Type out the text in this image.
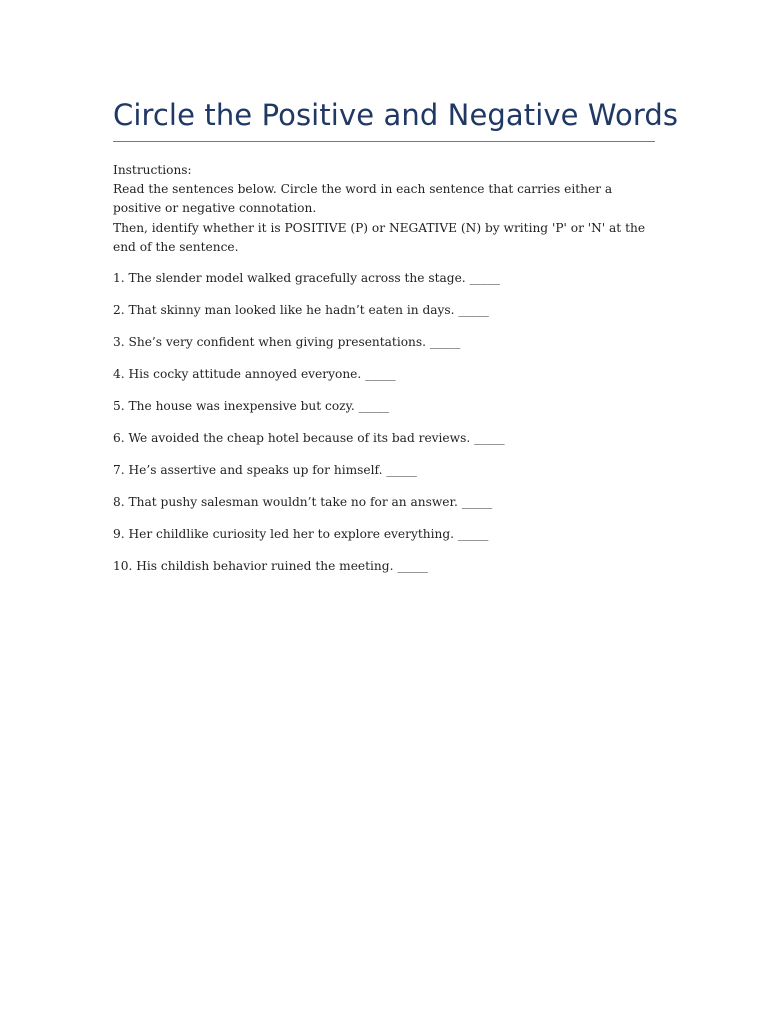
Circle the Positive and Negative Words

Instructions:

Read the sentences below. Circle the word in each sentence that carries either a positive or negative connotation.

Then, identify whether it is POSITIVE (P) or NEGATIVE (N) by writing 'P' or 'N' at the end of the sentence.

1. The slender model walked gracefully across the stage. _____

2. That skinny man looked like he hadn’t eaten in days. _____

3. She’s very confident when giving presentations. _____

4. His cocky attitude annoyed everyone. _____

5. The house was inexpensive but cozy. _____

6. We avoided the cheap hotel because of its bad reviews. _____

7. He’s assertive and speaks up for himself. _____

8. That pushy salesman wouldn’t take no for an answer. _____

9. Her childlike curiosity led her to explore everything. _____

10. His childish behavior ruined the meeting. _____
